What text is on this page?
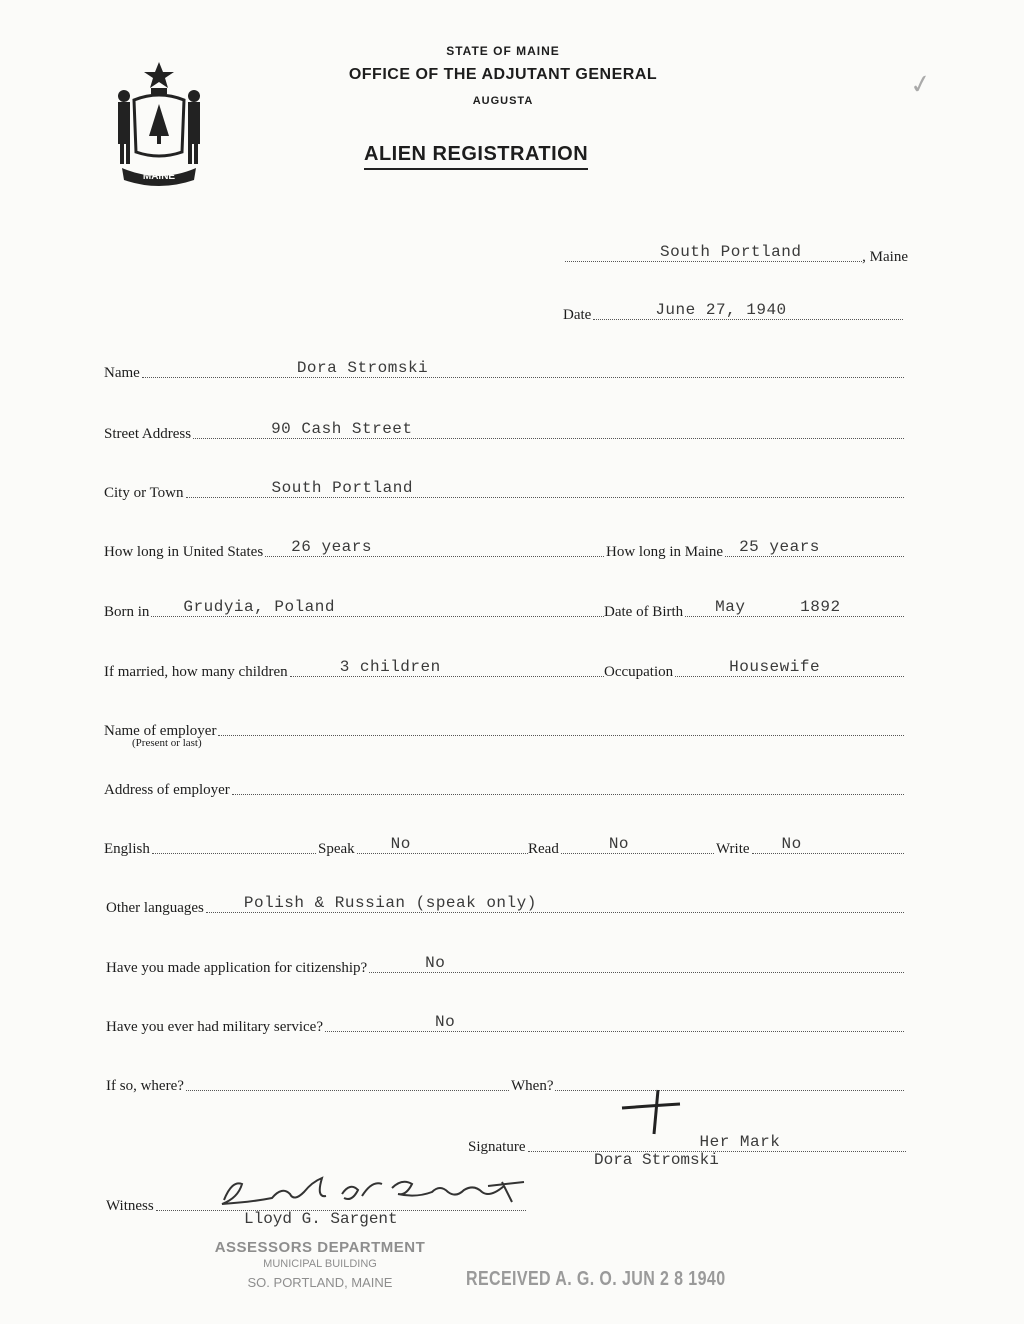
MAINE
STATE OF MAINE
OFFICE OF THE ADJUTANT GENERAL
AUGUSTA
ALIEN REGISTRATION
✓
South Portland	, Maine
Date	June 27, 1940
Name	Dora Stromski
Street Address	90 Cash Street
City or Town	South Portland
How long in United States 26 years	How long in Maine 25 years
Born in Grudyia, Poland	Date of Birth May	1892
If married, how many children	3 children	Occupation	Housewife
Name of employer
(Present or last)
Address of employer
English	Speak No	Read	No	Write No
Other languages	Polish & Russian (speak only)
Have you made application for citizenship?	No
Have you ever had military service?	No
If so, where?	When?
Signature	Her Mark
Dora Stromski
Witness
Lloyd G. Sargent
ASSESSORS DEPARTMENT
MUNICIPAL BUILDING
SO. PORTLAND, MAINE	RECEIVED A. G. O. JUN 2 8 1940
